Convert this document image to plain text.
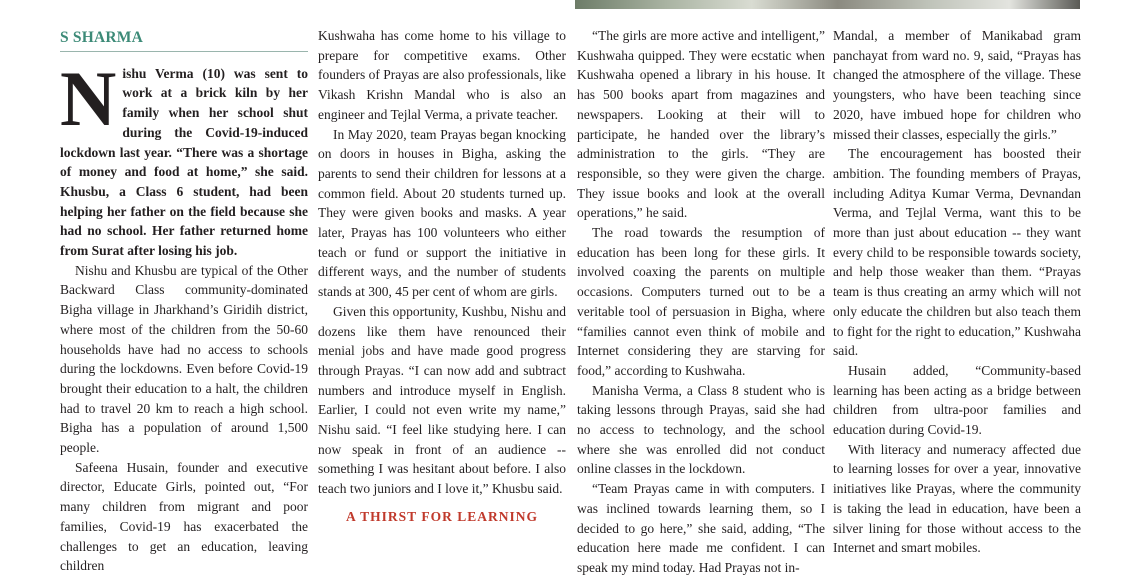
S SHARMA

Nishu Verma (10) was sent to work at a brick kiln by her family when her school shut during the Covid-19-induced lockdown last year. “There was a shortage of money and food at home,” she said. Khusbu, a Class 6 student, had been helping her father on the field because she had no school. Her father returned home from Surat after losing his job.

Nishu and Khusbu are typical of the Other Backward Class community-dominated Bigha village in Jharkhand’s Giridih district, where most of the children from the 50-60 households have had no access to schools during the lockdowns. Even before Covid-19 brought their education to a halt, the children had to travel 20 km to reach a high school. Bigha has a population of around 1,500 people.

Safeena Husain, founder and executive director, Educate Girls, pointed out, “For many children from migrant and poor families, Covid-19 has exacerbated the challenges to get an education, leaving children

Kushwaha has come home to his village to prepare for competitive exams. Other founders of Prayas are also professionals, like Vikash Krishn Mandal who is also an engineer and Tejlal Verma, a private teacher.

In May 2020, team Prayas began knocking on doors in houses in Bigha, asking the parents to send their children for lessons at a common field. About 20 students turned up. They were given books and masks. A year later, Prayas has 100 volunteers who either teach or fund or support the initiative in different ways, and the number of students stands at 300, 45 per cent of whom are girls.

Given this opportunity, Kushbu, Nishu and dozens like them have renounced their menial jobs and have made good progress through Prayas. “I can now add and subtract numbers and introduce myself in English. Earlier, I could not even write my name,” Nishu said. “I feel like studying here. I can now speak in front of an audience -- something I was hesitant about before. I also teach two juniors and I love it,” Khusbu said.

A THIRST FOR LEARNING

“The girls are more active and intelligent,” Kushwaha quipped. They were ecstatic when Kushwaha opened a library in his house. It has 500 books apart from magazines and newspapers. Looking at their will to participate, he handed over the library’s administration to the girls. “They are responsible, so they were given the charge. They issue books and look at the overall operations,” he said.

The road towards the resumption of education has been long for these girls. It involved coaxing the parents on multiple occasions. Computers turned out to be a veritable tool of persuasion in Bigha, where “families cannot even think of mobile and Internet considering they are starving for food,” according to Kushwaha.

Manisha Verma, a Class 8 student who is taking lessons through Prayas, said she had no access to technology, and the school where she was enrolled did not conduct online classes in the lockdown.

“Team Prayas came in with computers. I was inclined towards learning them, so I decided to go here,” she said, adding, “The education here made me confident. I can speak my mind today. Had Prayas not in-

Mandal, a member of Manikabad gram panchayat from ward no. 9, said, “Prayas has changed the atmosphere of the village. These youngsters, who have been teaching since 2020, have imbued hope for children who missed their classes, especially the girls.”

The encouragement has boosted their ambition. The founding members of Prayas, including Aditya Kumar Verma, Devnandan Verma, and Tejlal Verma, want this to be more than just about education -- they want every child to be responsible towards society, and help those weaker than them. “Prayas team is thus creating an army which will not only educate the children but also teach them to fight for the right to education,” Kushwaha said.

Husain added, “Community-based learning has been acting as a bridge between children from ultra-poor families and education during Covid-19.

With literacy and numeracy affected due to learning losses for over a year, innovative initiatives like Prayas, where the community is taking the lead in education, have been a silver lining for those without access to the Internet and smart mobiles.
